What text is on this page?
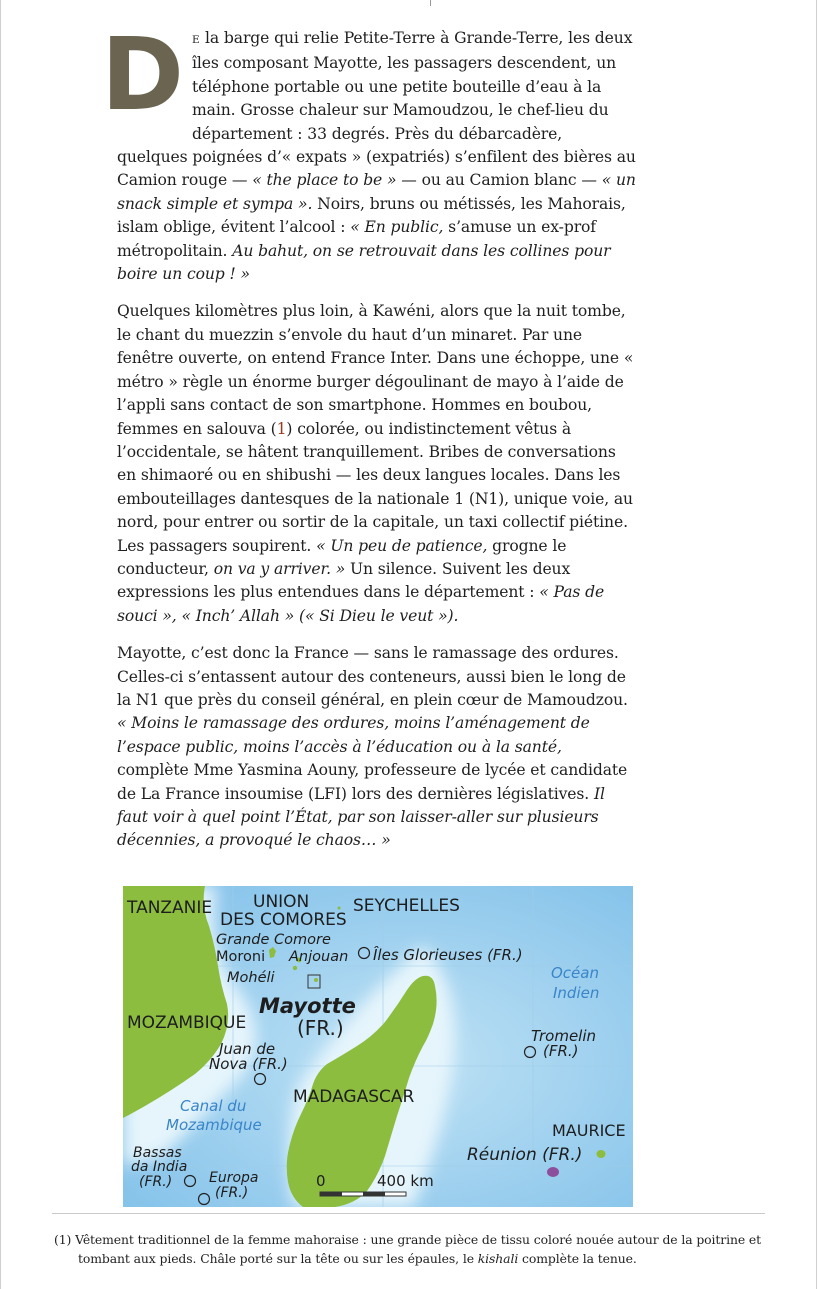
DE la barge qui relie Petite-Terre à Grande-Terre, les deux îles composant Mayotte, les passagers descendent, un téléphone portable ou une petite bouteille d’eau à la main. Grosse chaleur sur Mamoudzou, le chef-lieu du département : 33 degrés. Près du débarcadère, quelques poignées d’« expats » (expatriés) s’enfilent des bières au Camion rouge — « the place to be » — ou au Camion blanc — « un snack simple et sympa ». Noirs, bruns ou métissés, les Mahorais, islam oblige, évitent l’alcool : « En public, s’amuse un ex-prof métropolitain. Au bahut, on se retrouvait dans les collines pour boire un coup ! »

Quelques kilomètres plus loin, à Kawéni, alors que la nuit tombe, le chant du muezzin s’envole du haut d’un minaret. Par une fenêtre ouverte, on entend France Inter. Dans une échoppe, une « métro » règle un énorme burger dégoulinant de mayo à l’aide de l’appli sans contact de son smartphone. Hommes en boubou, femmes en salouva (1) colorée, ou indistinctement vêtus à l’occidentale, se hâtent tranquillement. Bribes de conversations en shimaoré ou en shibushi — les deux langues locales. Dans les embouteillages dantesques de la nationale 1 (N1), unique voie, au nord, pour entrer ou sortir de la capitale, un taxi collectif piétine. Les passagers soupirent. « Un peu de patience, grogne le conducteur, on va y arriver. » Un silence. Suivent les deux expressions les plus entendues dans le département : « Pas de souci », « Inch’ Allah » (« Si Dieu le veut »).

Mayotte, c’est donc la France — sans le ramassage des ordures. Celles-ci s’entassent autour des conteneurs, aussi bien le long de la N1 que près du conseil général, en plein cœur de Mamoudzou. « Moins le ramassage des ordures, moins l’aménagement de l’espace public, moins l’accès à l’éducation ou à la santé, complète Mme Yasmina Aouny, professeure de lycée et candidate de La France insoumise (LFI) lors des dernières législatives. Il faut voir à quel point l’État, par son laisser-aller sur plusieurs décennies, a provoqué le chaos… »

TANZANIE UNION
DES COMORES
SEYCHELLES
Grande Comore
Moroni Anjouan Îles Glorieuses (FR.)
Mohéli	Océan
Indien
Mayotte
(FR.)
MOZAMBIQUE
Tromelin
(FR.)
Juan de
Nova (FR.)
MADAGASCAR
Canal du
Mozambique	MAURICE
Bassas
da India
(FR.)	Europa
(FR.)
Réunion (FR.)
0	400 km
(1) Vêtement traditionnel de la femme mahoraise : une grande pièce de tissu coloré nouée autour de la poitrine et tombant aux pieds. Châle porté sur la tête ou sur les épaules, le kishali complète la tenue.
